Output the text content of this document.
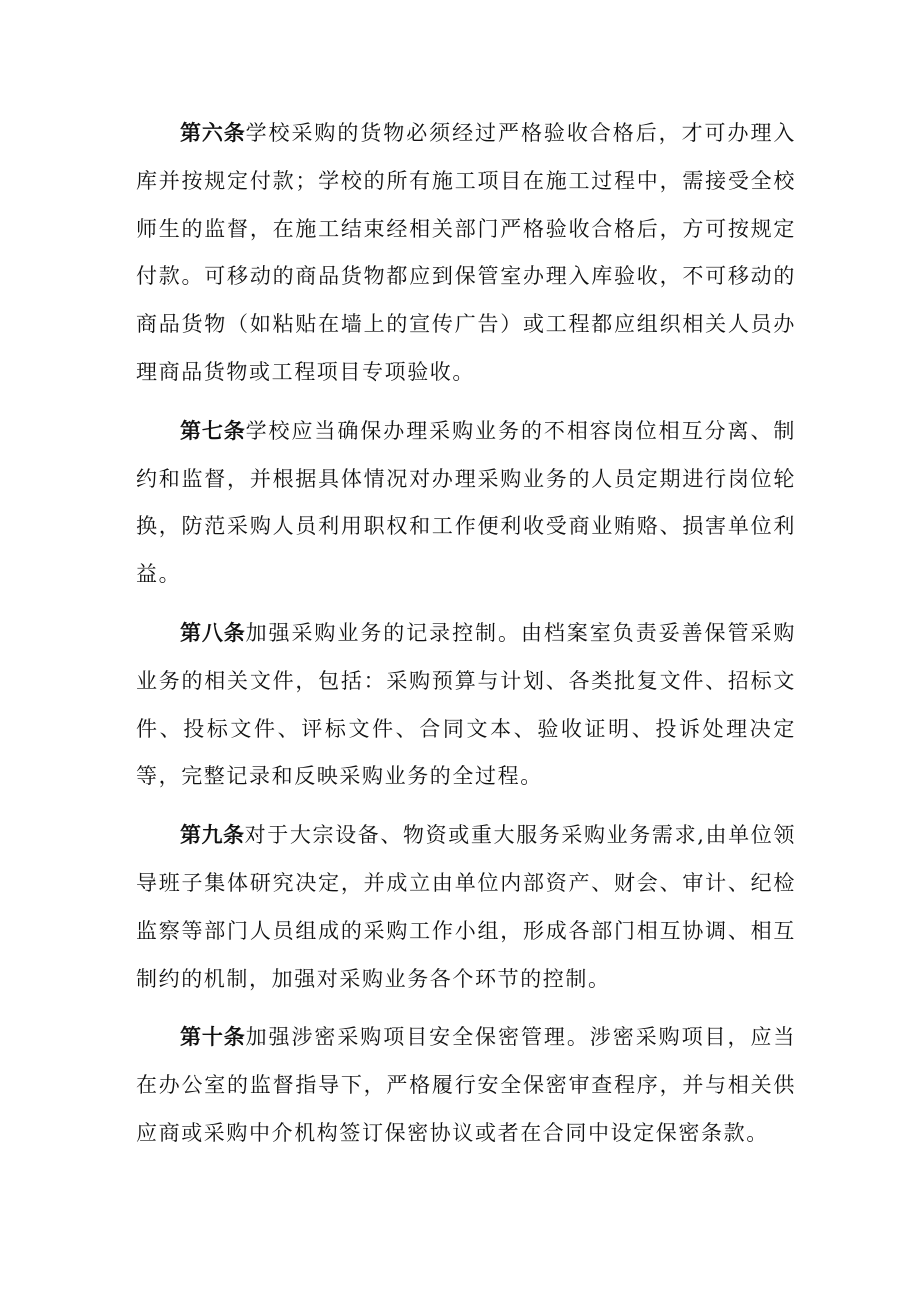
第六条学校采购的货物必须经过严格验收合格后，才可办理入库并按规定付款；学校的所有施工项目在施工过程中，需接受全校师生的监督，在施工结束经相关部门严格验收合格后，方可按规定付款。可移动的商品货物都应到保管室办理入库验收，不可移动的商品货物（如粘贴在墙上的宣传广告）或工程都应组织相关人员办理商品货物或工程项目专项验收。

第七条学校应当确保办理采购业务的不相容岗位相互分离、制约和监督，并根据具体情况对办理采购业务的人员定期进行岗位轮换，防范采购人员利用职权和工作便利收受商业贿赂、损害单位利益。

第八条加强采购业务的记录控制。由档案室负责妥善保管采购业务的相关文件，包括：采购预算与计划、各类批复文件、招标文件、投标文件、评标文件、合同文本、验收证明、投诉处理决定等，完整记录和反映采购业务的全过程。

第九条对于大宗设备、物资或重大服务采购业务需求,由单位领导班子集体研究决定，并成立由单位内部资产、财会、审计、纪检监察等部门人员组成的采购工作小组，形成各部门相互协调、相互制约的机制，加强对采购业务各个环节的控制。

第十条加强涉密采购项目安全保密管理。涉密采购项目，应当在办公室的监督指导下，严格履行安全保密审查程序，并与相关供应商或采购中介机构签订保密协议或者在合同中设定保密条款。
